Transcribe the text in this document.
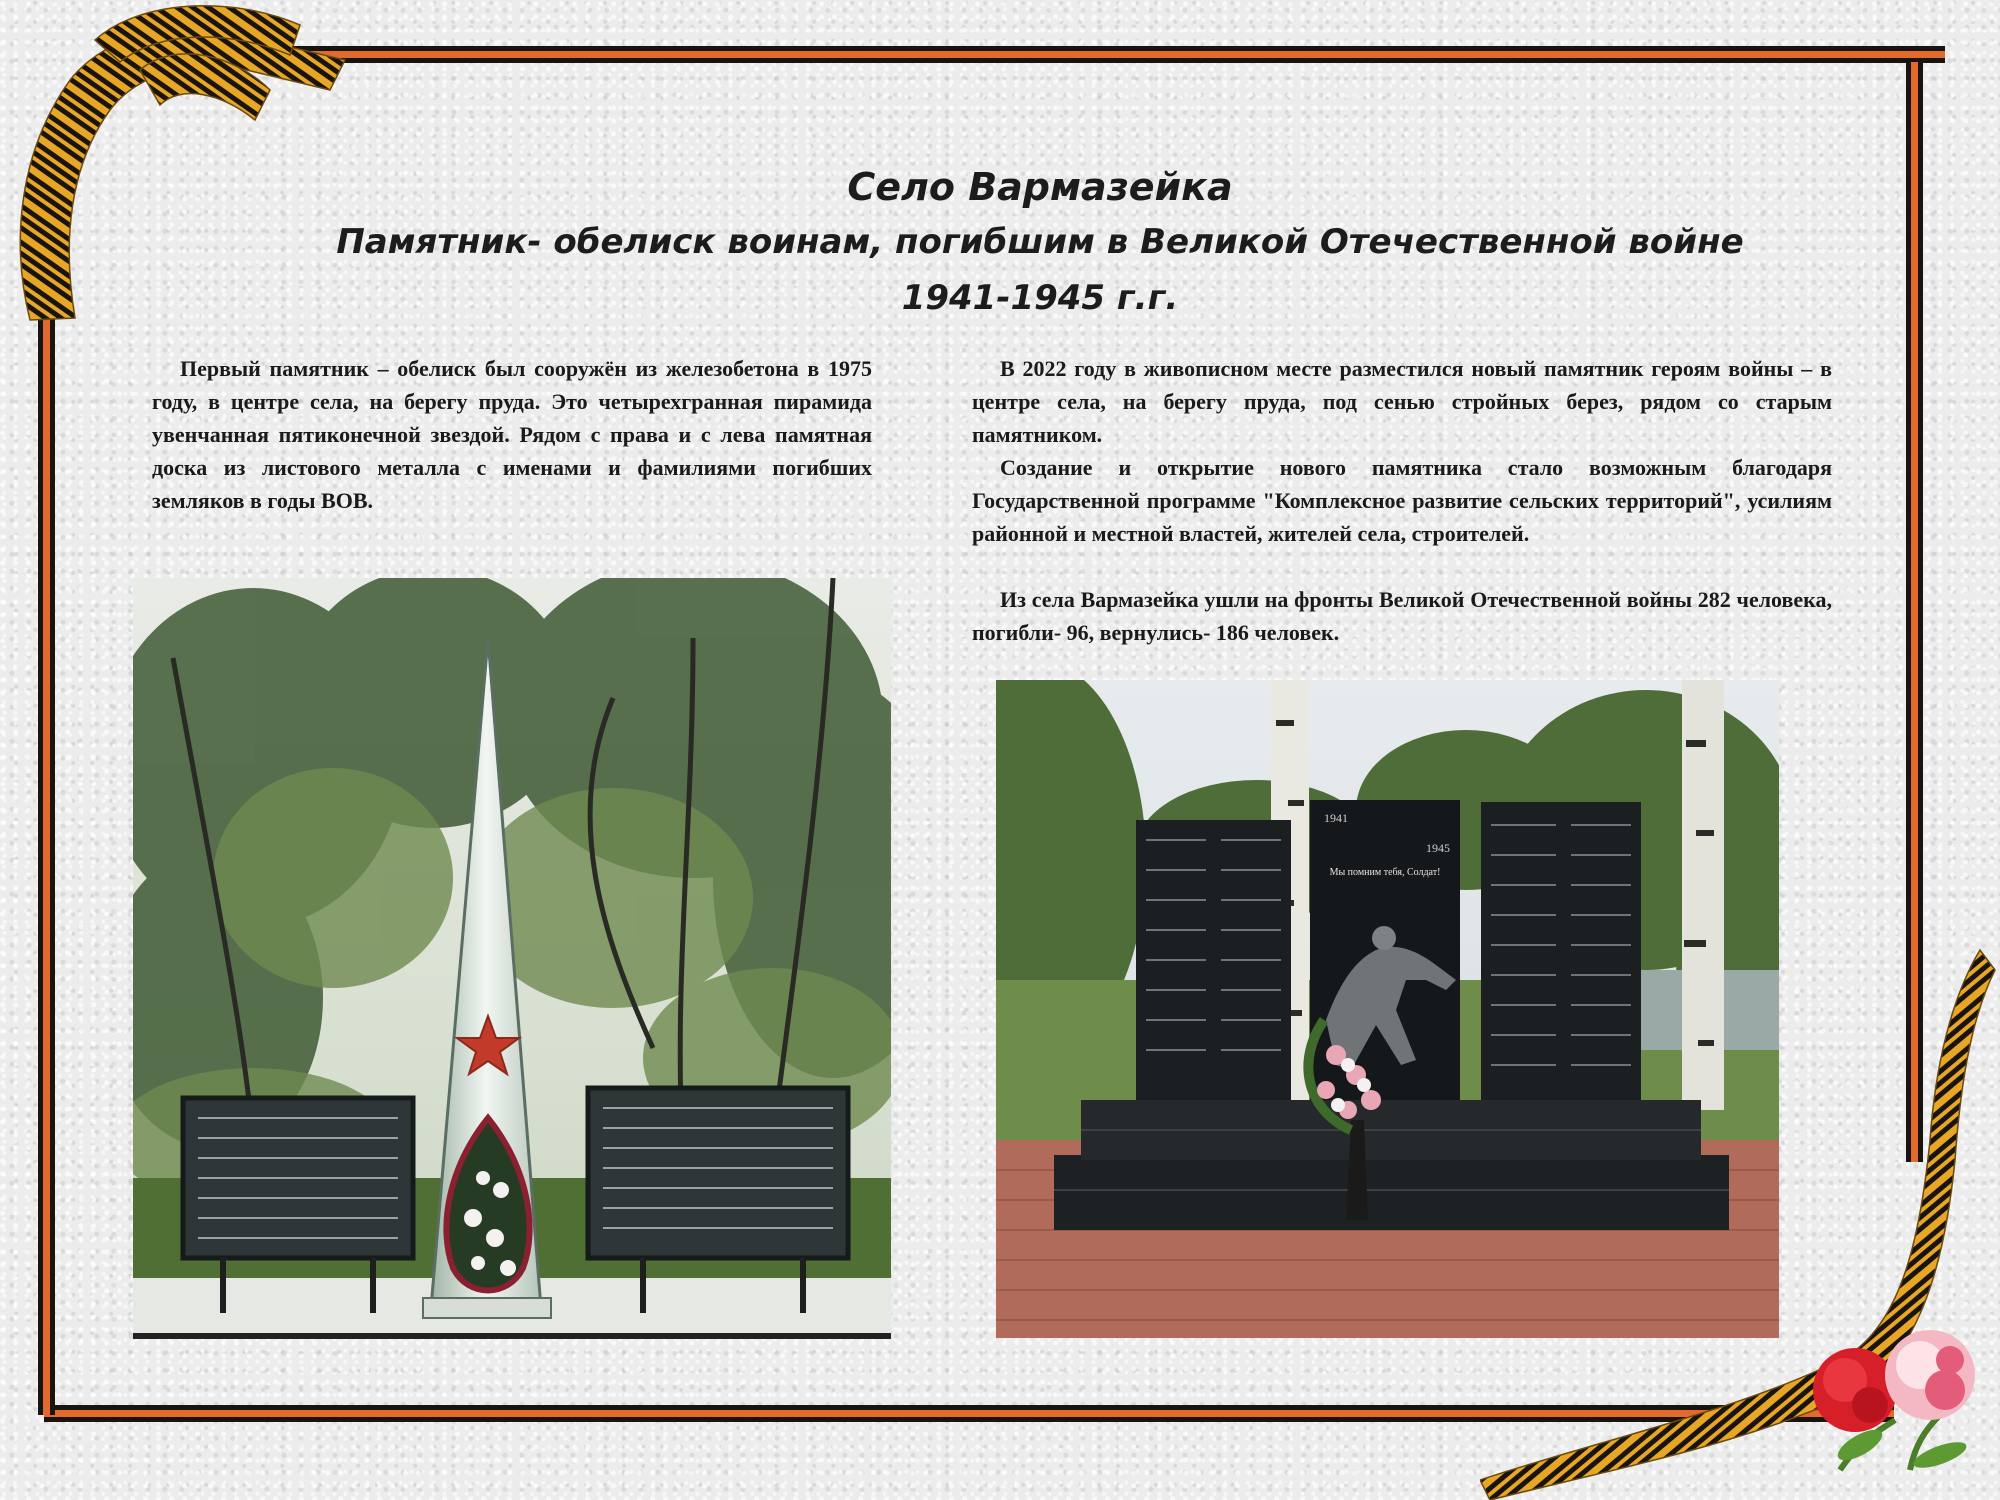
Село Вармазейка
Памятник- обелиск воинам, погибшим в Великой Отечественной войне
1941-1945 г.г.

Первый памятник – обелиск был сооружён из железобетона в 1975 году, в центре села, на берегу пруда. Это четырехгранная пирамида увенчанная пятиконечной звездой. Рядом с права и с лева памятная доска из листового металла с именами и фамилиями погибших земляков в годы ВОВ.

В 2022 году в живописном месте разместился новый памятник героям войны – в центре села, на берегу пруда, под сенью стройных берез, рядом со старым памятником.

Создание и открытие нового памятника стало возможным благодаря Государственной программе "Комплексное развитие сельских территорий", усилиям районной и местной властей, жителей села, строителей.

Из села Вармазейка ушли на фронты Великой Отечественной войны 282 человека, погибли- 96, вернулись- 186 человек.

1941
1945
Мы помним тебя, Солдат!
